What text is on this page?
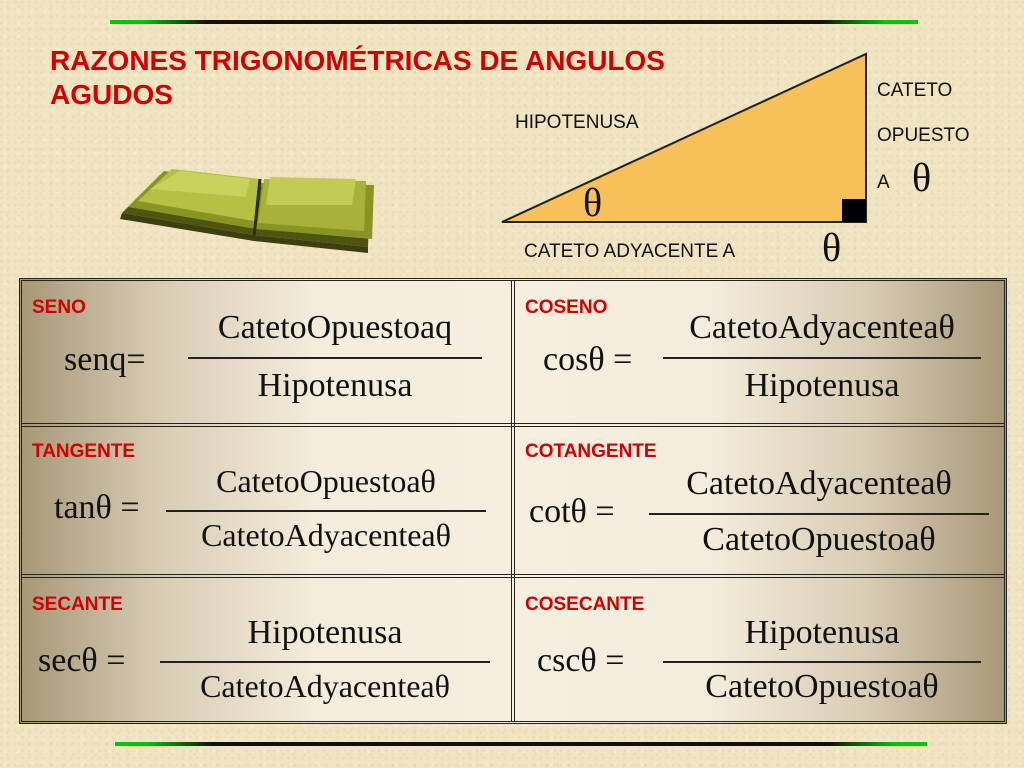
RAZONES TRIGONOMÉTRICAS DE ANGULOS
AGUDOS
HIPOTENUSA
CATETO
OPUESTO
A θ
θ
CATETO ADYACENTE A θ
SENO
senq=
CatetoOpuestoaq
Hipotenusa
COSENO
cosθ =
CatetoAdyacenteaθ
Hipotenusa
TANGENTE
tanθ =
CatetoOpuestoaθ
CatetoAdyacenteaθ
COTANGENTE
cotθ =
CatetoAdyacenteaθ
CatetoOpuestoaθ
SECANTE
secθ =
Hipotenusa
CatetoAdyacenteaθ
COSECANTE
cscθ =
Hipotenusa
CatetoOpuestoaθ
